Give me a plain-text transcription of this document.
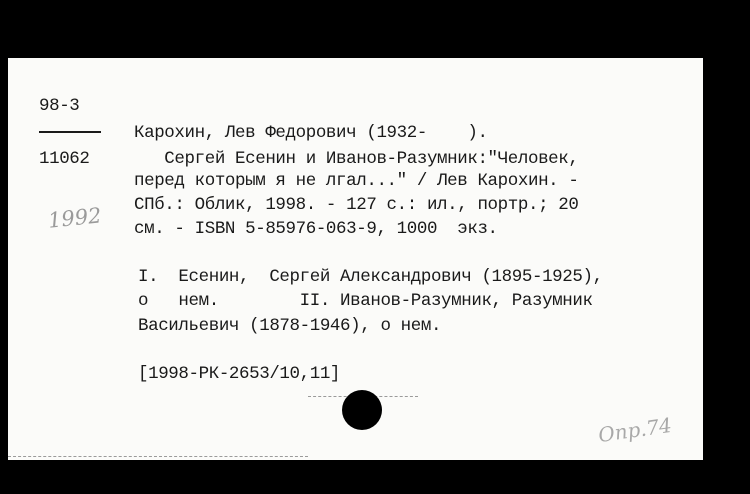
98-3
11062
1992
Карохин, Лев Федорович (1932-    ).
Сергей Есенин и Иванов-Разумник:"Человек,
перед которым я не лгал..." / Лев Карохин. -
СПб.: Облик, 1998. - 127 с.: ил., портр.; 20
см. - ISBN 5-85976-063-9, 1000  экз.
I.  Есенин,  Сергей Александрович (1895-1925),
о   нем.        II. Иванов-Разумник, Разумник
Васильевич (1878-1946), о нем.
[1998-РК-2653/10,11]
Опр.74
